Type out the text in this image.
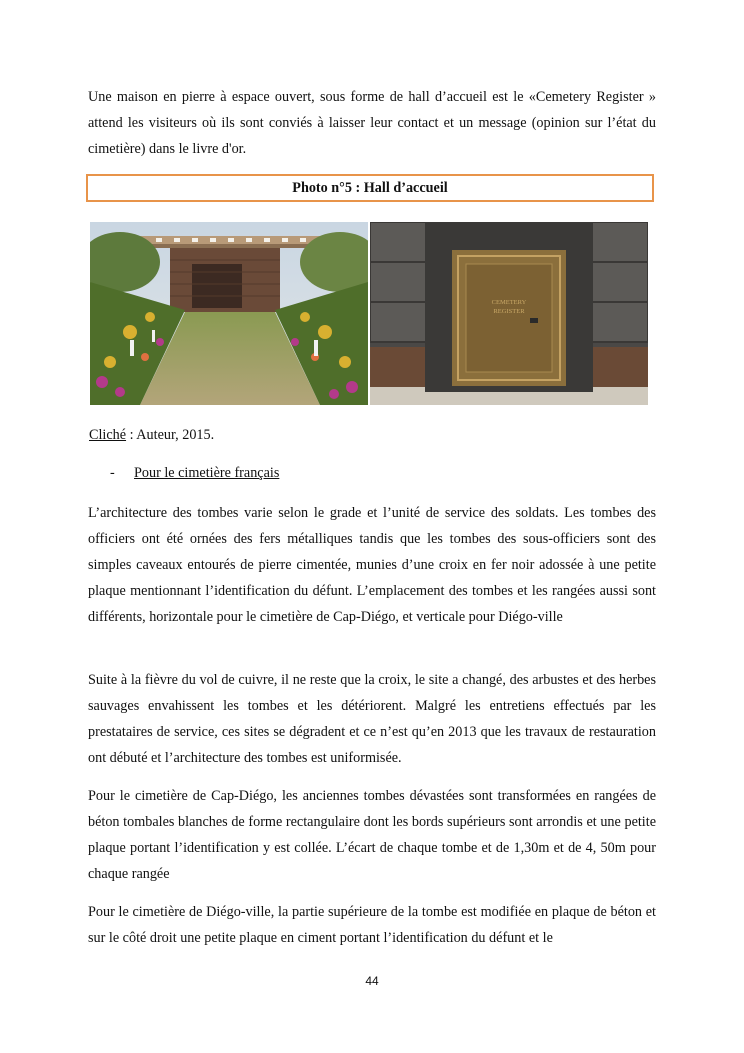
Une maison en pierre à espace ouvert, sous forme de hall d’accueil est le «Cemetery Register » attend les visiteurs où ils sont conviés à laisser leur contact et un message (opinion sur l’état du cimetière) dans le livre d'or.

Photo n°5 : Hall d’accueil
CEMETERY
REGISTER
Cliché : Auteur, 2015.
- Pour le cimetière français

L’architecture des tombes varie selon le grade et l’unité de service des soldats. Les tombes des officiers ont été ornées des fers métalliques tandis que les tombes des sous-officiers sont des simples caveaux entourés de pierre cimentée, munies d’une croix en fer noir adossée à une petite plaque mentionnant l’identification du défunt. L’emplacement des tombes et les rangées aussi sont différents, horizontale pour le cimetière de Cap-Diégo, et verticale pour Diégo-ville

Suite à la fièvre du vol de cuivre, il ne reste que la croix, le site a changé, des arbustes et des herbes sauvages envahissent les tombes et les détériorent. Malgré les entretiens effectués par les prestataires de service, ces sites se dégradent et ce n’est qu’en 2013 que les travaux de restauration ont débuté et l’architecture des tombes est uniformisée.

Pour le cimetière de Cap-Diégo, les anciennes tombes dévastées sont transformées en rangées de béton tombales blanches de forme rectangulaire dont les bords supérieurs sont arrondis et une petite plaque portant l’identification y est collée. L’écart de chaque tombe et de 1,30m et de 4, 50m pour chaque rangée

Pour le cimetière de Diégo-ville, la partie supérieure de la tombe est modifiée en plaque de béton et sur le côté droit une petite plaque en ciment portant l’identification du défunt et le

44
